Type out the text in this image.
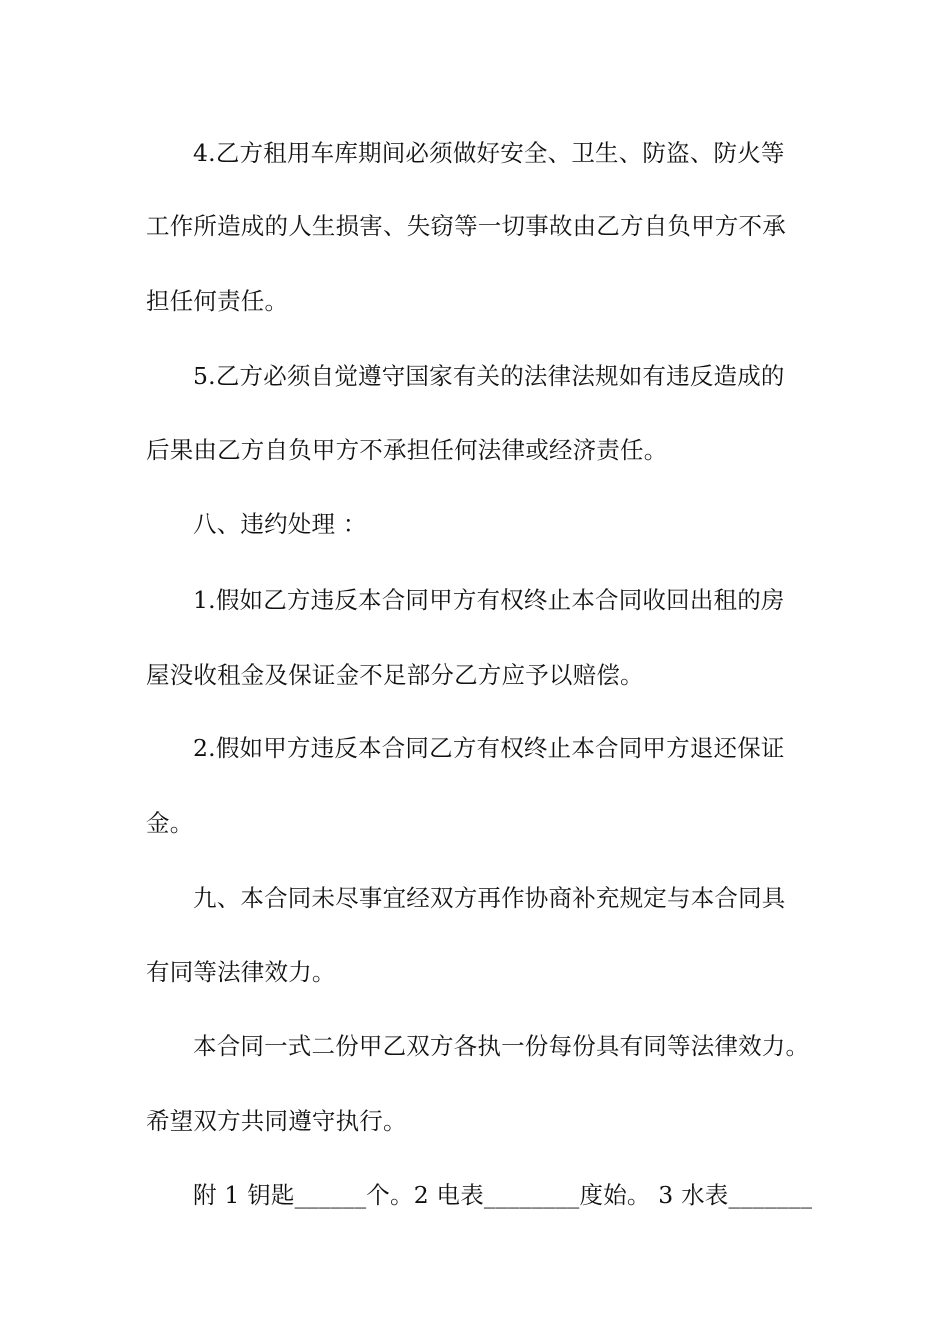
4.乙方租用车库期间必须做好安全、卫生、防盗、防火等
工作所造成的人生损害、失窃等一切事故由乙方自负甲方不承
担任何责任。
5.乙方必须自觉遵守国家有关的法律法规如有违反造成的
后果由乙方自负甲方不承担任何法律或经济责任。
八、违约处理 ：
1.假如乙方违反本合同甲方有权终止本合同收回出租的房
屋没收租金及保证金不足部分乙方应予以赔偿。
2.假如甲方违反本合同乙方有权终止本合同甲方退还保证
金。
九、本合同未尽事宜经双方再作协商补充规定与本合同具
有同等法律效力。
本合同一式二份甲乙双方各执一份每份具有同等法律效力。
希望双方共同遵守执行。
附 1 钥匙______个。2 电表________度始。 3 水表_______
